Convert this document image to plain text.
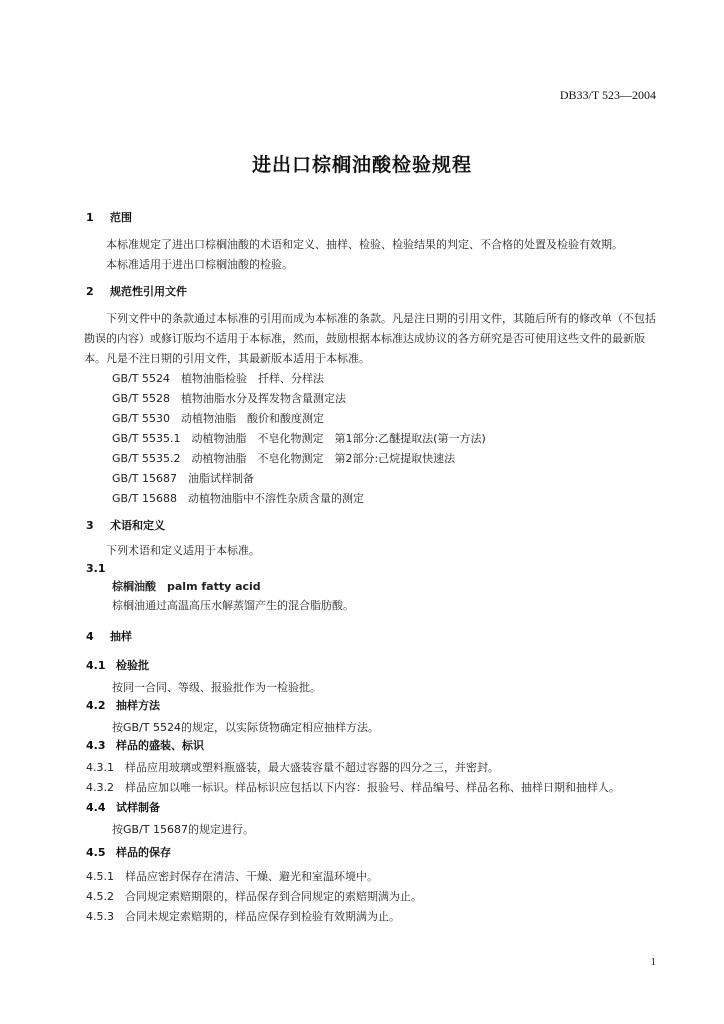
DB33/T 523—2004
进出口棕榈油酸检验规程
1 范围
本标准规定了进出口棕榈油酸的术语和定义、抽样、检验、检验结果的判定、不合格的处置及检验有效期。
本标准适用于进出口棕榈油酸的检验。
2 规范性引用文件
下列文件中的条款通过本标准的引用而成为本标准的条款。凡是注日期的引用文件，其随后所有的修改单（不包括勘误的内容）或修订版均不适用于本标准，然而，鼓励根据本标准达成协议的各方研究是否可使用这些文件的最新版本。凡是不注日期的引用文件，其最新版本适用于本标准。
GB/T 5524　植物油脂检验　扦样、分样法
GB/T 5528　植物油脂水分及挥发物含量测定法
GB/T 5530　动植物油脂　酸价和酸度测定
GB/T 5535.1　动植物油脂　不皂化物测定　第1部分:乙醚提取法(第一方法)
GB/T 5535.2　动植物油脂　不皂化物测定　第2部分:己烷提取快速法
GB/T 15687　油脂试样制备
GB/T 15688　动植物油脂中不溶性杂质含量的测定
3 术语和定义
下列术语和定义适用于本标准。
3.1
棕榈油酸　palm fatty acid
棕榈油通过高温高压水解蒸馏产生的混合脂肪酸。
4 抽样
4.1 检验批
按同一合同、等级、报验批作为一检验批。
4.2 抽样方法
按GB/T 5524的规定，以实际货物确定相应抽样方法。
4.3 样品的盛装、标识
4.3.1　样品应用玻璃或塑料瓶盛装，最大盛装容量不超过容器的四分之三，并密封。
4.3.2　样品应加以唯一标识。样品标识应包括以下内容：报验号、样品编号、样品名称、抽样日期和抽样人。
4.4 试样制备
按GB/T 15687的规定进行。
4.5 样品的保存
4.5.1　样品应密封保存在清洁、干燥、避光和室温环境中。
4.5.2　合同规定索赔期限的，样品保存到合同规定的索赔期满为止。
4.5.3　合同未规定索赔期的，样品应保存到检验有效期满为止。
1
